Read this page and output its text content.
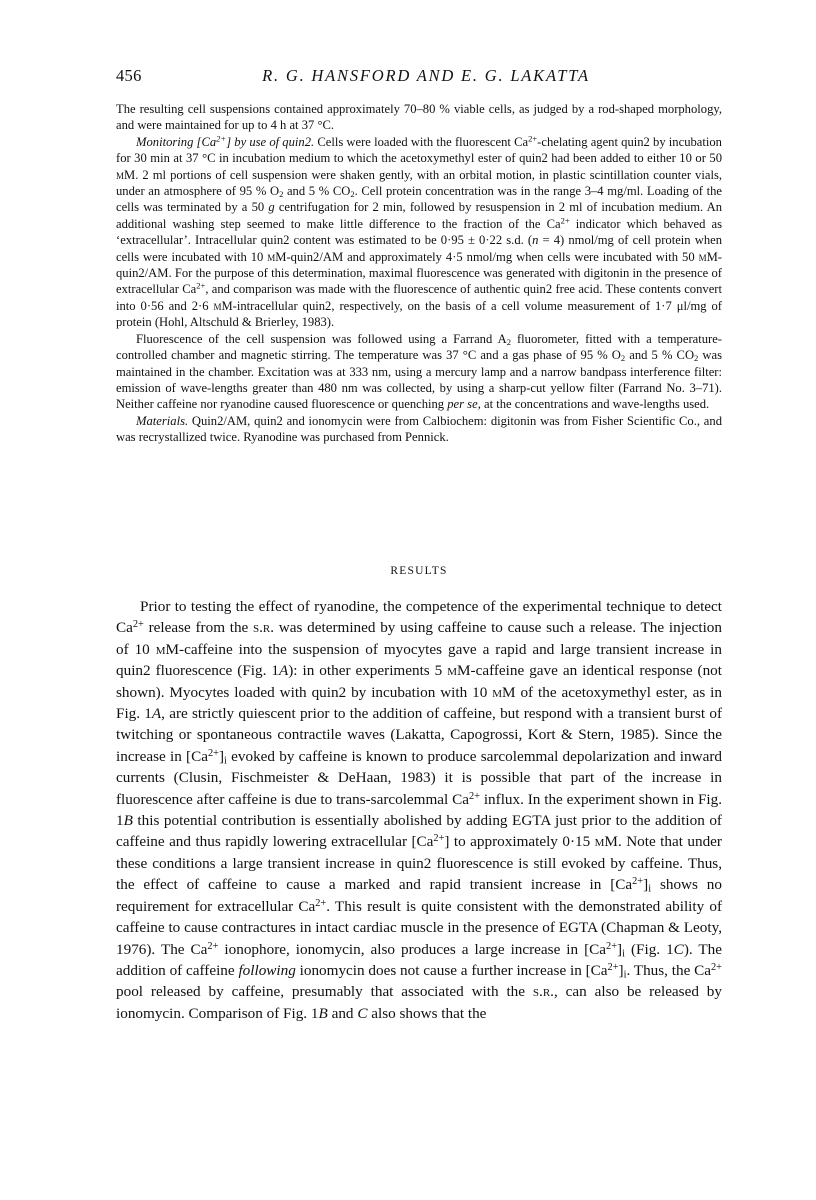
456	R. G. HANSFORD AND E. G. LAKATTA

The resulting cell suspensions contained approximately 70–80 % viable cells, as judged by a rod-shaped morphology, and were maintained for up to 4 h at 37 °C.

Monitoring $[Ca^{2+}]$ by use of quin2. Cells were loaded with the fluorescent $Ca^{2+}$-chelating agent quin2 by incubation for 30 min at 37 °C in incubation medium to which the acetoxymethyl ester of quin2 had been added to either 10 or 50 μM. 2 ml portions of cell suspension were shaken gently, with an orbital motion, in plastic scintillation counter vials, under an atmosphere of 95 % $O_2$ and 5 % $CO_2$. Cell protein concentration was in the range 3–4 mg/ml. Loading of the cells was terminated by a 50 g centrifugation for 2 min, followed by resuspension in 2 ml of incubation medium. An additional washing step seemed to make little difference to the fraction of the $Ca^{2+}$ indicator which behaved as ‘extracellular’. Intracellular quin2 content was estimated to be 0·95 ± 0·22 s.d. (n = 4) nmol/mg of cell protein when cells were incubated with 10 μM-quin2/AM and approximately 4·5 nmol/mg when cells were incubated with 50 μM-quin2/AM. For the purpose of this determination, maximal fluorescence was generated with digitonin in the presence of extracellular $Ca^{2+}$, and comparison was made with the fluorescence of authentic quin2 free acid. These contents convert into 0·56 and 2·6 mM-intracellular quin2, respectively, on the basis of a cell volume measurement of 1·7 μl/mg of protein (Hohl, Altschuld & Brierley, 1983).

Fluorescence of the cell suspension was followed using a Farrand $A_2$ fluorometer, fitted with a temperature-controlled chamber and magnetic stirring. The temperature was 37 °C and a gas phase of 95 % $O_2$ and 5 % $CO_2$ was maintained in the chamber. Excitation was at 333 nm, using a mercury lamp and a narrow bandpass interference filter: emission of wave-lengths greater than 480 nm was collected, by using a sharp-cut yellow filter (Farrand No. 3–71). Neither caffeine nor ryanodine caused fluorescence or quenching per se, at the concentrations and wave-lengths used.

Materials. Quin2/AM, quin2 and ionomycin were from Calbiochem: digitonin was from Fisher Scientific Co., and was recrystallized twice. Ryanodine was purchased from Pennick.

RESULTS

Prior to testing the effect of ryanodine, the competence of the experimental technique to detect $Ca^{2+}$ release from the s.r. was determined by using caffeine to cause such a release. The injection of 10 mM-caffeine into the suspension of myocytes gave a rapid and large transient increase in quin2 fluorescence (Fig. 1A): in other experiments 5 mM-caffeine gave an identical response (not shown). Myocytes loaded with quin2 by incubation with 10 μM of the acetoxymethyl ester, as in Fig. 1A, are strictly quiescent prior to the addition of caffeine, but respond with a transient burst of twitching or spontaneous contractile waves (Lakatta, Capogrossi, Kort & Stern, 1985). Since the increase in $[Ca^{2+}]_i$ evoked by caffeine is known to produce sarcolemmal depolarization and inward currents (Clusin, Fischmeister & DeHaan, 1983) it is possible that part of the increase in fluorescence after caffeine is due to trans-sarcolemmal $Ca^{2+}$ influx. In the experiment shown in Fig. 1B this potential contribution is essentially abolished by adding EGTA just prior to the addition of caffeine and thus rapidly lowering extracellular $[Ca^{2+}]$ to approximately 0·15 μM. Note that under these conditions a large transient increase in quin2 fluorescence is still evoked by caffeine. Thus, the effect of caffeine to cause a marked and rapid transient increase in $[Ca^{2+}]_i$ shows no requirement for extracellular $Ca^{2+}$. This result is quite consistent with the demonstrated ability of caffeine to cause contractures in intact cardiac muscle in the presence of EGTA (Chapman & Leoty, 1976). The $Ca^{2+}$ ionophore, ionomycin, also produces a large increase in $[Ca^{2+}]_i$ (Fig. 1C). The addition of caffeine following ionomycin does not cause a further increase in $[Ca^{2+}]_i$. Thus, the $Ca^{2+}$ pool released by caffeine, presumably that associated with the s.r., can also be released by ionomycin. Comparison of Fig. 1B and C also shows that the
